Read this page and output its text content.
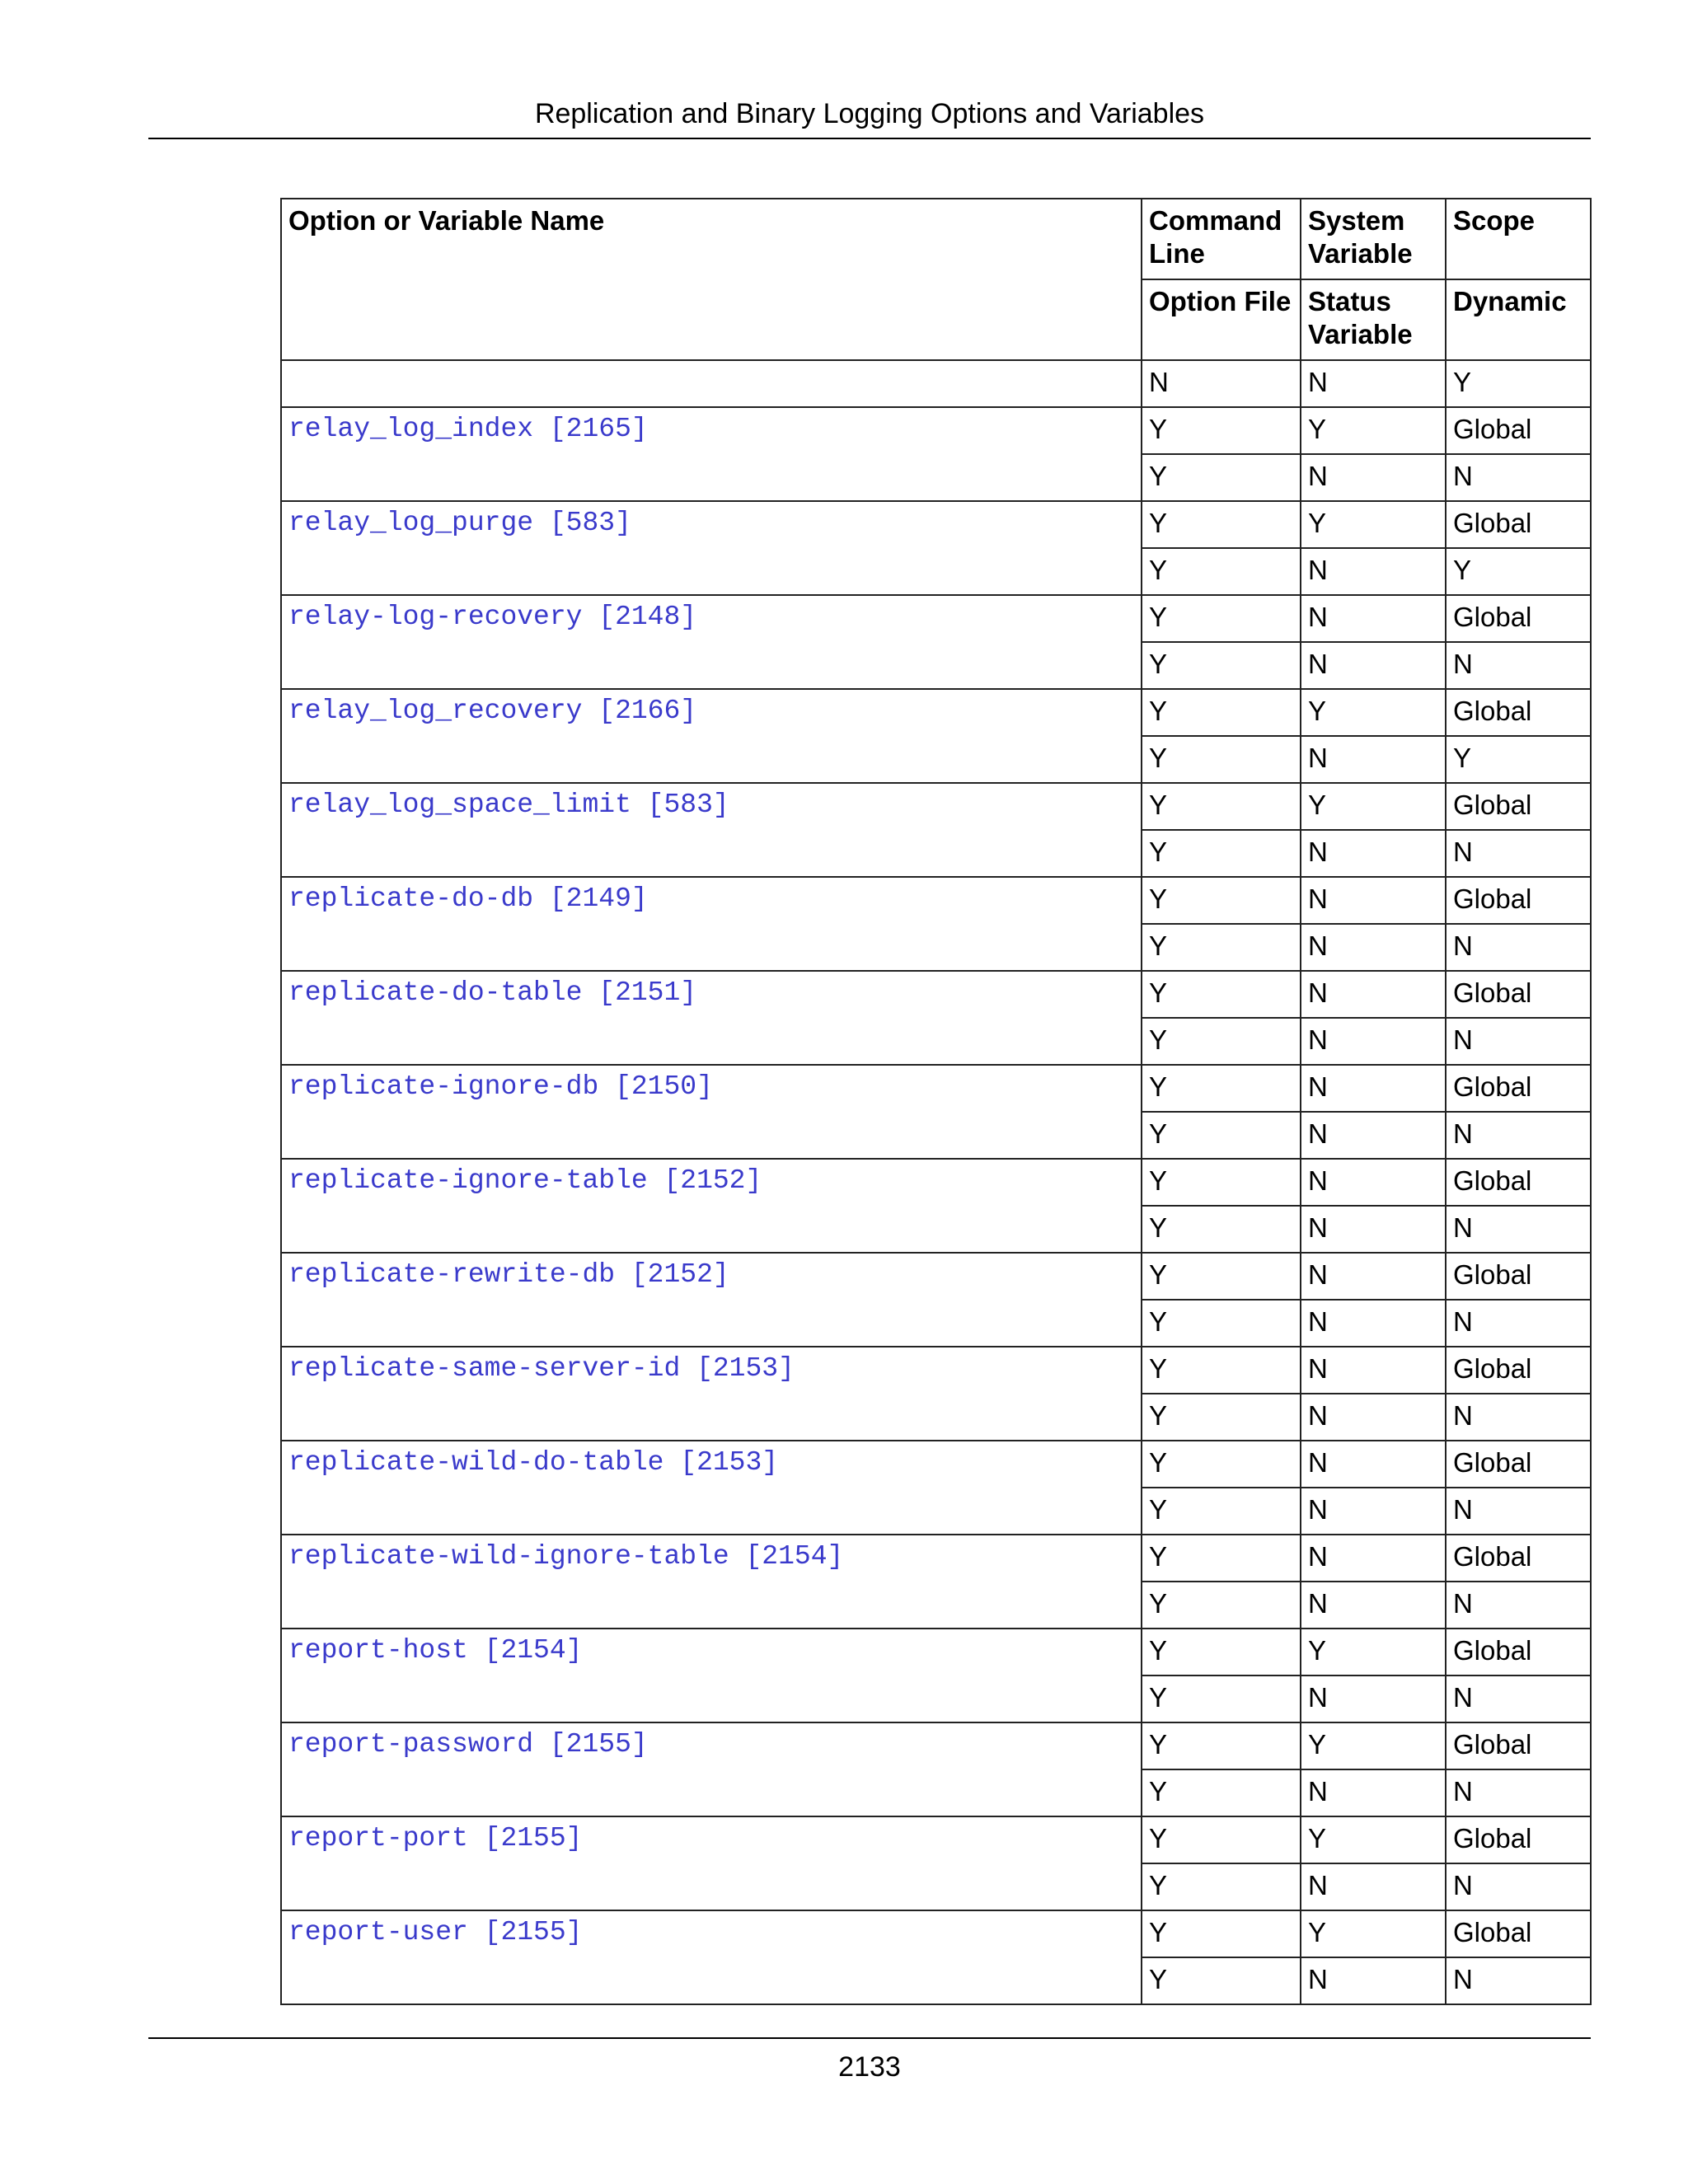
Replication and Binary Logging Options and Variables
Option or Variable Name	Command Line	System Variable	Scope
	Option File	Status Variable	Dynamic
	N	N	Y
relay_log_index [2165]	Y	Y	Global
	Y	N	N
relay_log_purge [583]	Y	Y	Global
	Y	N	Y
relay-log-recovery [2148]	Y	N	Global
	Y	N	N
relay_log_recovery [2166]	Y	Y	Global
	Y	N	Y
relay_log_space_limit [583]	Y	Y	Global
	Y	N	N
replicate-do-db [2149]	Y	N	Global
	Y	N	N
replicate-do-table [2151]	Y	N	Global
	Y	N	N
replicate-ignore-db [2150]	Y	N	Global
	Y	N	N
replicate-ignore-table [2152]	Y	N	Global
	Y	N	N
replicate-rewrite-db [2152]	Y	N	Global
	Y	N	N
replicate-same-server-id [2153]	Y	N	Global
	Y	N	N
replicate-wild-do-table [2153]	Y	N	Global
	Y	N	N
replicate-wild-ignore-table [2154]	Y	N	Global
	Y	N	N
report-host [2154]	Y	Y	Global
	Y	N	N
report-password [2155]	Y	Y	Global
	Y	N	N
report-port [2155]	Y	Y	Global
	Y	N	N
report-user [2155]	Y	Y	Global
	Y	N	N
2133
